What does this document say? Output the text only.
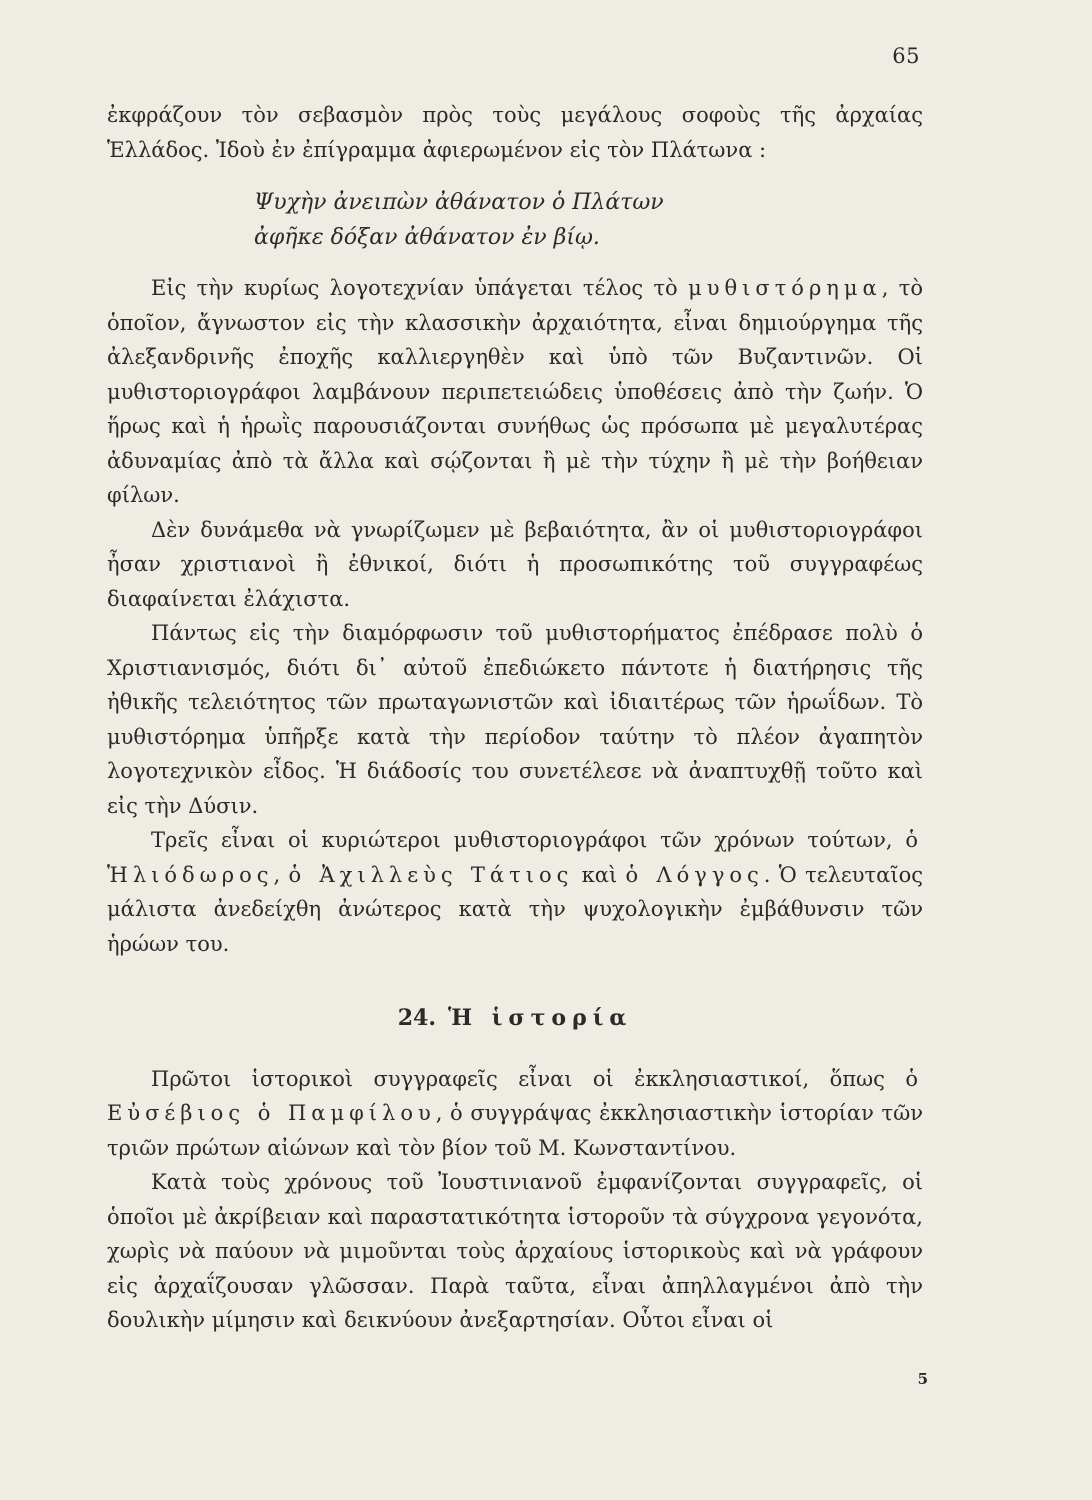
65

ἐκφράζουν τὸν σεβασμὸν πρὸς τοὺς μεγάλους σοφοὺς τῆς ἀρχαίας Ἑλλάδος. Ἰδοὺ ἐν ἐπίγραμμα ἀφιερωμένον εἰς τὸν Πλάτωνα :

Ψυχὴν ἀνειπὼν ἀθάνατον ὁ Πλάτων
ἀφῆκε δόξαν ἀθάνατον ἐν βίῳ.

Εἰς τὴν κυρίως λογοτεχνίαν ὑπάγεται τέλος τὸ μυθιστόρημα, τὸ ὁποῖον, ἄγνωστον εἰς τὴν κλασσικὴν ἀρχαιότητα, εἶναι δημιούργημα τῆς ἀλεξανδρινῆς ἐποχῆς καλλιεργηθὲν καὶ ὑπὸ τῶν Βυζαντινῶν. Οἱ μυθιστοριογράφοι λαμβάνουν περιπετειώδεις ὑποθέσεις ἀπὸ τὴν ζωήν. Ὁ ἥρως καὶ ἡ ἡρωῒς παρουσιάζονται συνήθως ὡς πρόσωπα μὲ μεγαλυτέρας ἀδυναμίας ἀπὸ τὰ ἄλλα καὶ σῴζονται ἢ μὲ τὴν τύχην ἢ μὲ τὴν βοήθειαν φίλων.

Δὲν δυνάμεθα νὰ γνωρίζωμεν μὲ βεβαιότητα, ἂν οἱ μυθιστοριογράφοι ἦσαν χριστιανοὶ ἢ ἐθνικοί, διότι ἡ προσωπικότης τοῦ συγγραφέως διαφαίνεται ἐλάχιστα.

Πάντως εἰς τὴν διαμόρφωσιν τοῦ μυθιστορήματος ἐπέδρασε πολὺ ὁ Χριστιανισμός, διότι δι᾽ αὐτοῦ ἐπεδιώκετο πάντοτε ἡ διατήρησις τῆς ἠθικῆς τελειότητος τῶν πρωταγωνιστῶν καὶ ἰδιαιτέρως τῶν ἡρωΐδων. Τὸ μυθιστόρημα ὑπῆρξε κατὰ τὴν περίοδον ταύτην τὸ πλέον ἀγαπητὸν λογοτεχνικὸν εἶδος. Ἡ διάδοσίς του συνετέλεσε νὰ ἀναπτυχθῇ τοῦτο καὶ εἰς τὴν Δύσιν.

Τρεῖς εἶναι οἱ κυριώτεροι μυθιστοριογράφοι τῶν χρόνων τούτων, ὁ Ἡλιόδωρος, ὁ Ἀχιλλεὺς Τάτιος καὶ ὁ Λόγγος. Ὁ τελευταῖος μάλιστα ἀνεδείχθη ἀνώτερος κατὰ τὴν ψυχολογικὴν ἐμβάθυνσιν τῶν ἡρώων του.

24. Ἡ ἱστορία

Πρῶτοι ἱστορικοὶ συγγραφεῖς εἶναι οἱ ἐκκλησιαστικοί, ὅπως ὁ Εὐσέβιος ὁ Παμφίλου, ὁ συγγράψας ἐκκλησιαστικὴν ἱστορίαν τῶν τριῶν πρώτων αἰώνων καὶ τὸν βίον τοῦ Μ. Κωνσταντίνου.

Κατὰ τοὺς χρόνους τοῦ Ἰουστινιανοῦ ἐμφανίζονται συγγραφεῖς, οἱ ὁποῖοι μὲ ἀκρίβειαν καὶ παραστατικότητα ἱστοροῦν τὰ σύγχρονα γεγονότα, χωρὶς νὰ παύουν νὰ μιμοῦνται τοὺς ἀρχαίους ἱστορικοὺς καὶ νὰ γράφουν εἰς ἀρχαΐζουσαν γλῶσσαν. Παρὰ ταῦτα, εἶναι ἀπηλλαγμένοι ἀπὸ τὴν δουλικὴν μίμησιν καὶ δεικνύουν ἀνεξαρτησίαν. Οὗτοι εἶναι οἱ

5
